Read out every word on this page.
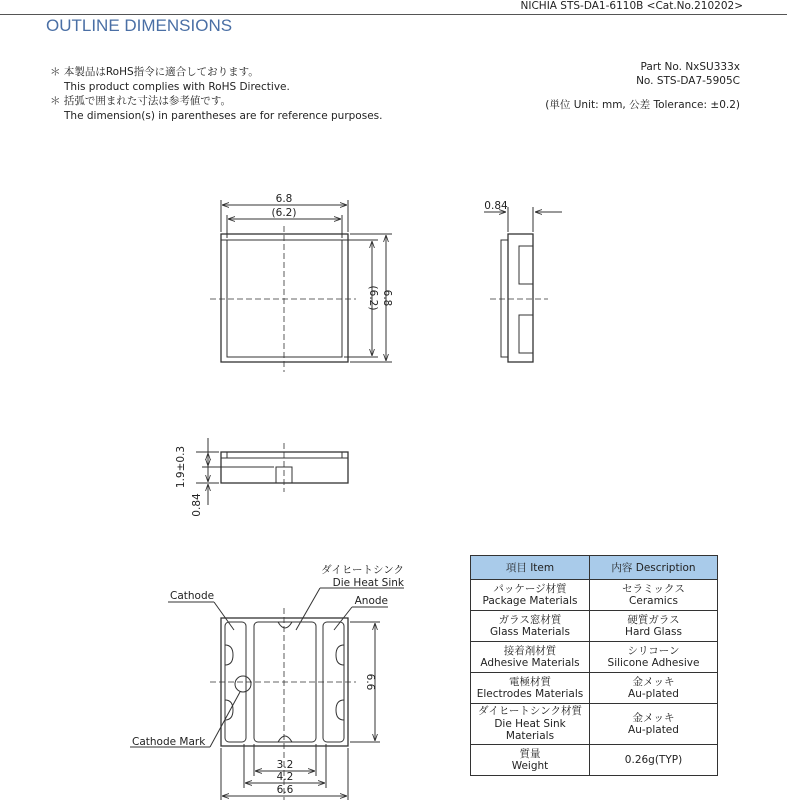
NICHIA STS-DA1-6110B <Cat.No.210202>
OUTLINE DIMENSIONS
＊ 本製品はRoHS指令に適合しております。
This product complies with RoHS Directive.
＊ 括弧で囲まれた寸法は参考値です。
The dimension(s) in parentheses are for reference purposes.
Part No. NxSU333x
No. STS-DA7-5905C
(単位 Unit: mm, 公差 Tolerance: ±0.2)
6.8
(6.2)
6.8
(6.2)
0.84
1.9±0.3
0.84
6.6
3.2
4.2
6.6
Cathode
ダイヒートシンク
Die Heat Sink
Anode
Cathode Mark
項目 Item	内容 Description

パッケージ材質
Package Materials	セラミックス
Ceramics

ガラス窓材質
Glass Materials	硬質ガラス
Hard Glass

接着剤材質
Adhesive Materials	シリコーン
Silicone Adhesive

電極材質
Electrodes Materials	金メッキ
Au-plated

ダイヒートシンク材質
Die Heat Sink
Materials	金メッキ
Au-plated

質量
Weight	0.26g(TYP)
